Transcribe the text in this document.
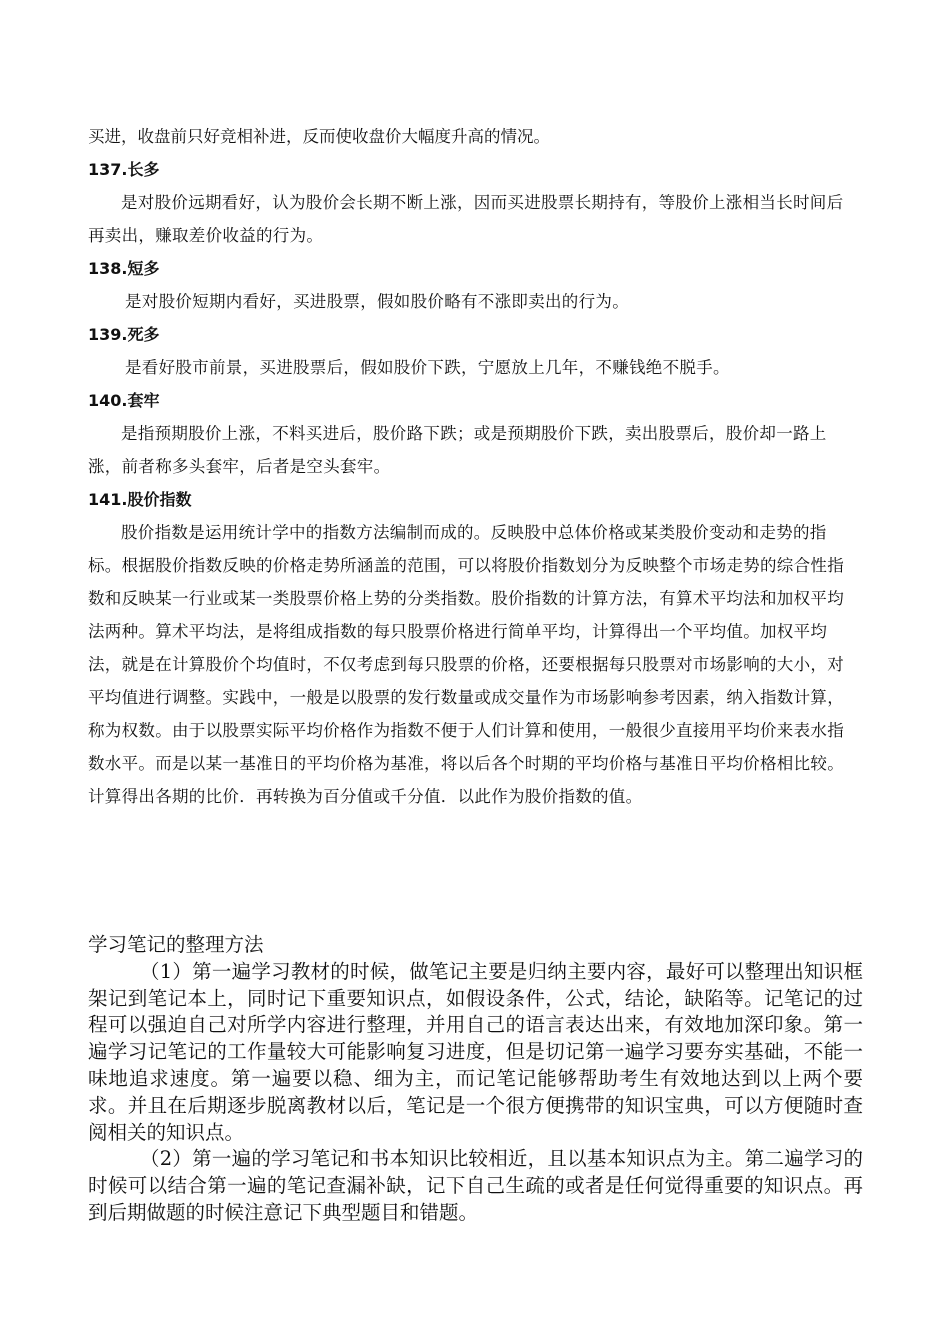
买进，收盘前只好竞相补进，反而使收盘价大幅度升高的情况。

137.长多

是对股价远期看好，认为股价会长期不断上涨，因而买进股票长期持有，等股价上涨相当长时间后再卖出，赚取差价收益的行为。

138.短多

是对股价短期内看好，买进股票，假如股价略有不涨即卖出的行为。

139.死多

是看好股市前景，买进股票后，假如股价下跌，宁愿放上几年，不赚钱绝不脱手。

140.套牢

是指预期股价上涨，不料买进后，股价路下跌；或是预期股价下跌，卖出股票后，股价却一路上涨，前者称多头套牢，后者是空头套牢。

141.股价指数

股价指数是运用统计学中的指数方法编制而成的。反映股中总体价格或某类股价变动和走势的指标。根据股价指数反映的价格走势所涵盖的范围，可以将股价指数划分为反映整个市场走势的综合性指数和反映某一行业或某一类股票价格上势的分类指数。股价指数的计算方法，有算术平均法和加权平均法两种。算术平均法，是将组成指数的每只股票价格进行简单平均，计算得出一个平均值。加权平均法，就是在计算股价个均值时，不仅考虑到每只股票的价格，还要根据每只股票对市场影响的大小，对平均值进行调整。实践中，一般是以股票的发行数量或成交量作为市场影响参考因素，纳入指数计算，称为权数。由于以股票实际平均价格作为指数不便于人们计算和使用，一般很少直接用平均价来表水指数水平。而是以某一基准日的平均价格为基准，将以后各个时期的平均价格与基准日平均价格相比较。计算得出各期的比价．再转换为百分值或千分值．以此作为股价指数的值。

学习笔记的整理方法

（1）第一遍学习教材的时候，做笔记主要是归纳主要内容，最好可以整理出知识框架记到笔记本上，同时记下重要知识点，如假设条件，公式，结论，缺陷等。记笔记的过程可以强迫自己对所学内容进行整理，并用自己的语言表达出来，有效地加深印象。第一遍学习记笔记的工作量较大可能影响复习进度，但是切记第一遍学习要夯实基础，不能一味地追求速度。第一遍要以稳、细为主，而记笔记能够帮助考生有效地达到以上两个要求。并且在后期逐步脱离教材以后，笔记是一个很方便携带的知识宝典，可以方便随时查阅相关的知识点。

（2）第一遍的学习笔记和书本知识比较相近，且以基本知识点为主。第二遍学习的时候可以结合第一遍的笔记查漏补缺，记下自己生疏的或者是任何觉得重要的知识点。再到后期做题的时候注意记下典型题目和错题。
